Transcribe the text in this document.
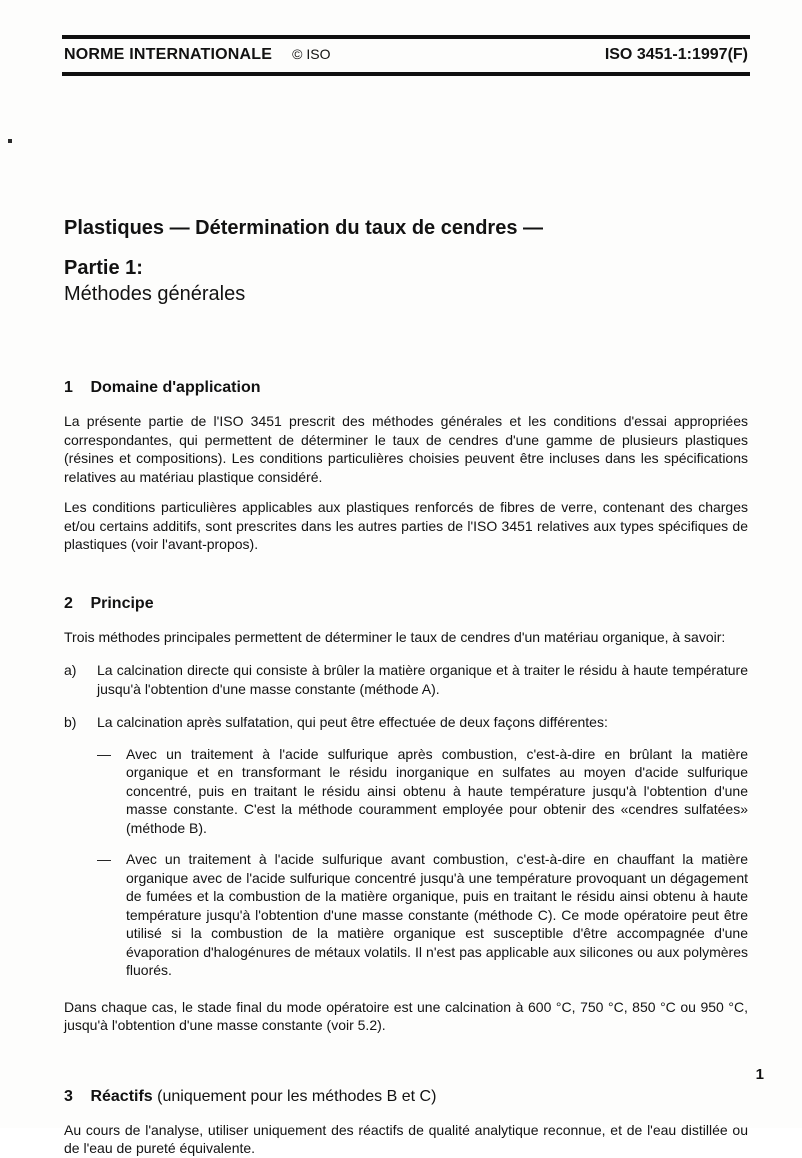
NORME INTERNATIONALE © ISO	ISO 3451-1:1997(F)
Plastiques — Détermination du taux de cendres —
Partie 1:
Méthodes générales
1 Domaine d'application

La présente partie de l'ISO 3451 prescrit des méthodes générales et les conditions d'essai appropriées correspondantes, qui permettent de déterminer le taux de cendres d'une gamme de plusieurs plastiques (résines et compositions). Les conditions particulières choisies peuvent être incluses dans les spécifications relatives au matériau plastique considéré.

Les conditions particulières applicables aux plastiques renforcés de fibres de verre, contenant des charges et/ou certains additifs, sont prescrites dans les autres parties de l'ISO 3451 relatives aux types spécifiques de plastiques (voir l'avant-propos).

2 Principe

Trois méthodes principales permettent de déterminer le taux de cendres d'un matériau organique, à savoir:

a)	La calcination directe qui consiste à brûler la matière organique et à traiter le résidu à haute température jusqu'à l'obtention d'une masse constante (méthode A).

b)	La calcination après sulfatation, qui peut être effectuée de deux façons différentes:

—	Avec un traitement à l'acide sulfurique après combustion, c'est-à-dire en brûlant la matière organique et en transformant le résidu inorganique en sulfates au moyen d'acide sulfurique concentré, puis en traitant le résidu ainsi obtenu à haute température jusqu'à l'obtention d'une masse constante. C'est la méthode couramment employée pour obtenir des «cendres sulfatées» (méthode B).

—	Avec un traitement à l'acide sulfurique avant combustion, c'est-à-dire en chauffant la matière organique avec de l'acide sulfurique concentré jusqu'à une température provoquant un dégagement de fumées et la combustion de la matière organique, puis en traitant le résidu ainsi obtenu à haute température jusqu'à l'obtention d'une masse constante (méthode C). Ce mode opératoire peut être utilisé si la combustion de la matière organique est susceptible d'être accompagnée d'une évaporation d'halogénures de métaux volatils. Il n'est pas applicable aux silicones ou aux polymères fluorés.

Dans chaque cas, le stade final du mode opératoire est une calcination à 600 °C, 750 °C, 850 °C ou 950 °C, jusqu'à l'obtention d'une masse constante (voir 5.2).

3 Réactifs (uniquement pour les méthodes B et C)

Au cours de l'analyse, utiliser uniquement des réactifs de qualité analytique reconnue, et de l'eau distillée ou de l'eau de pureté équivalente.

1
